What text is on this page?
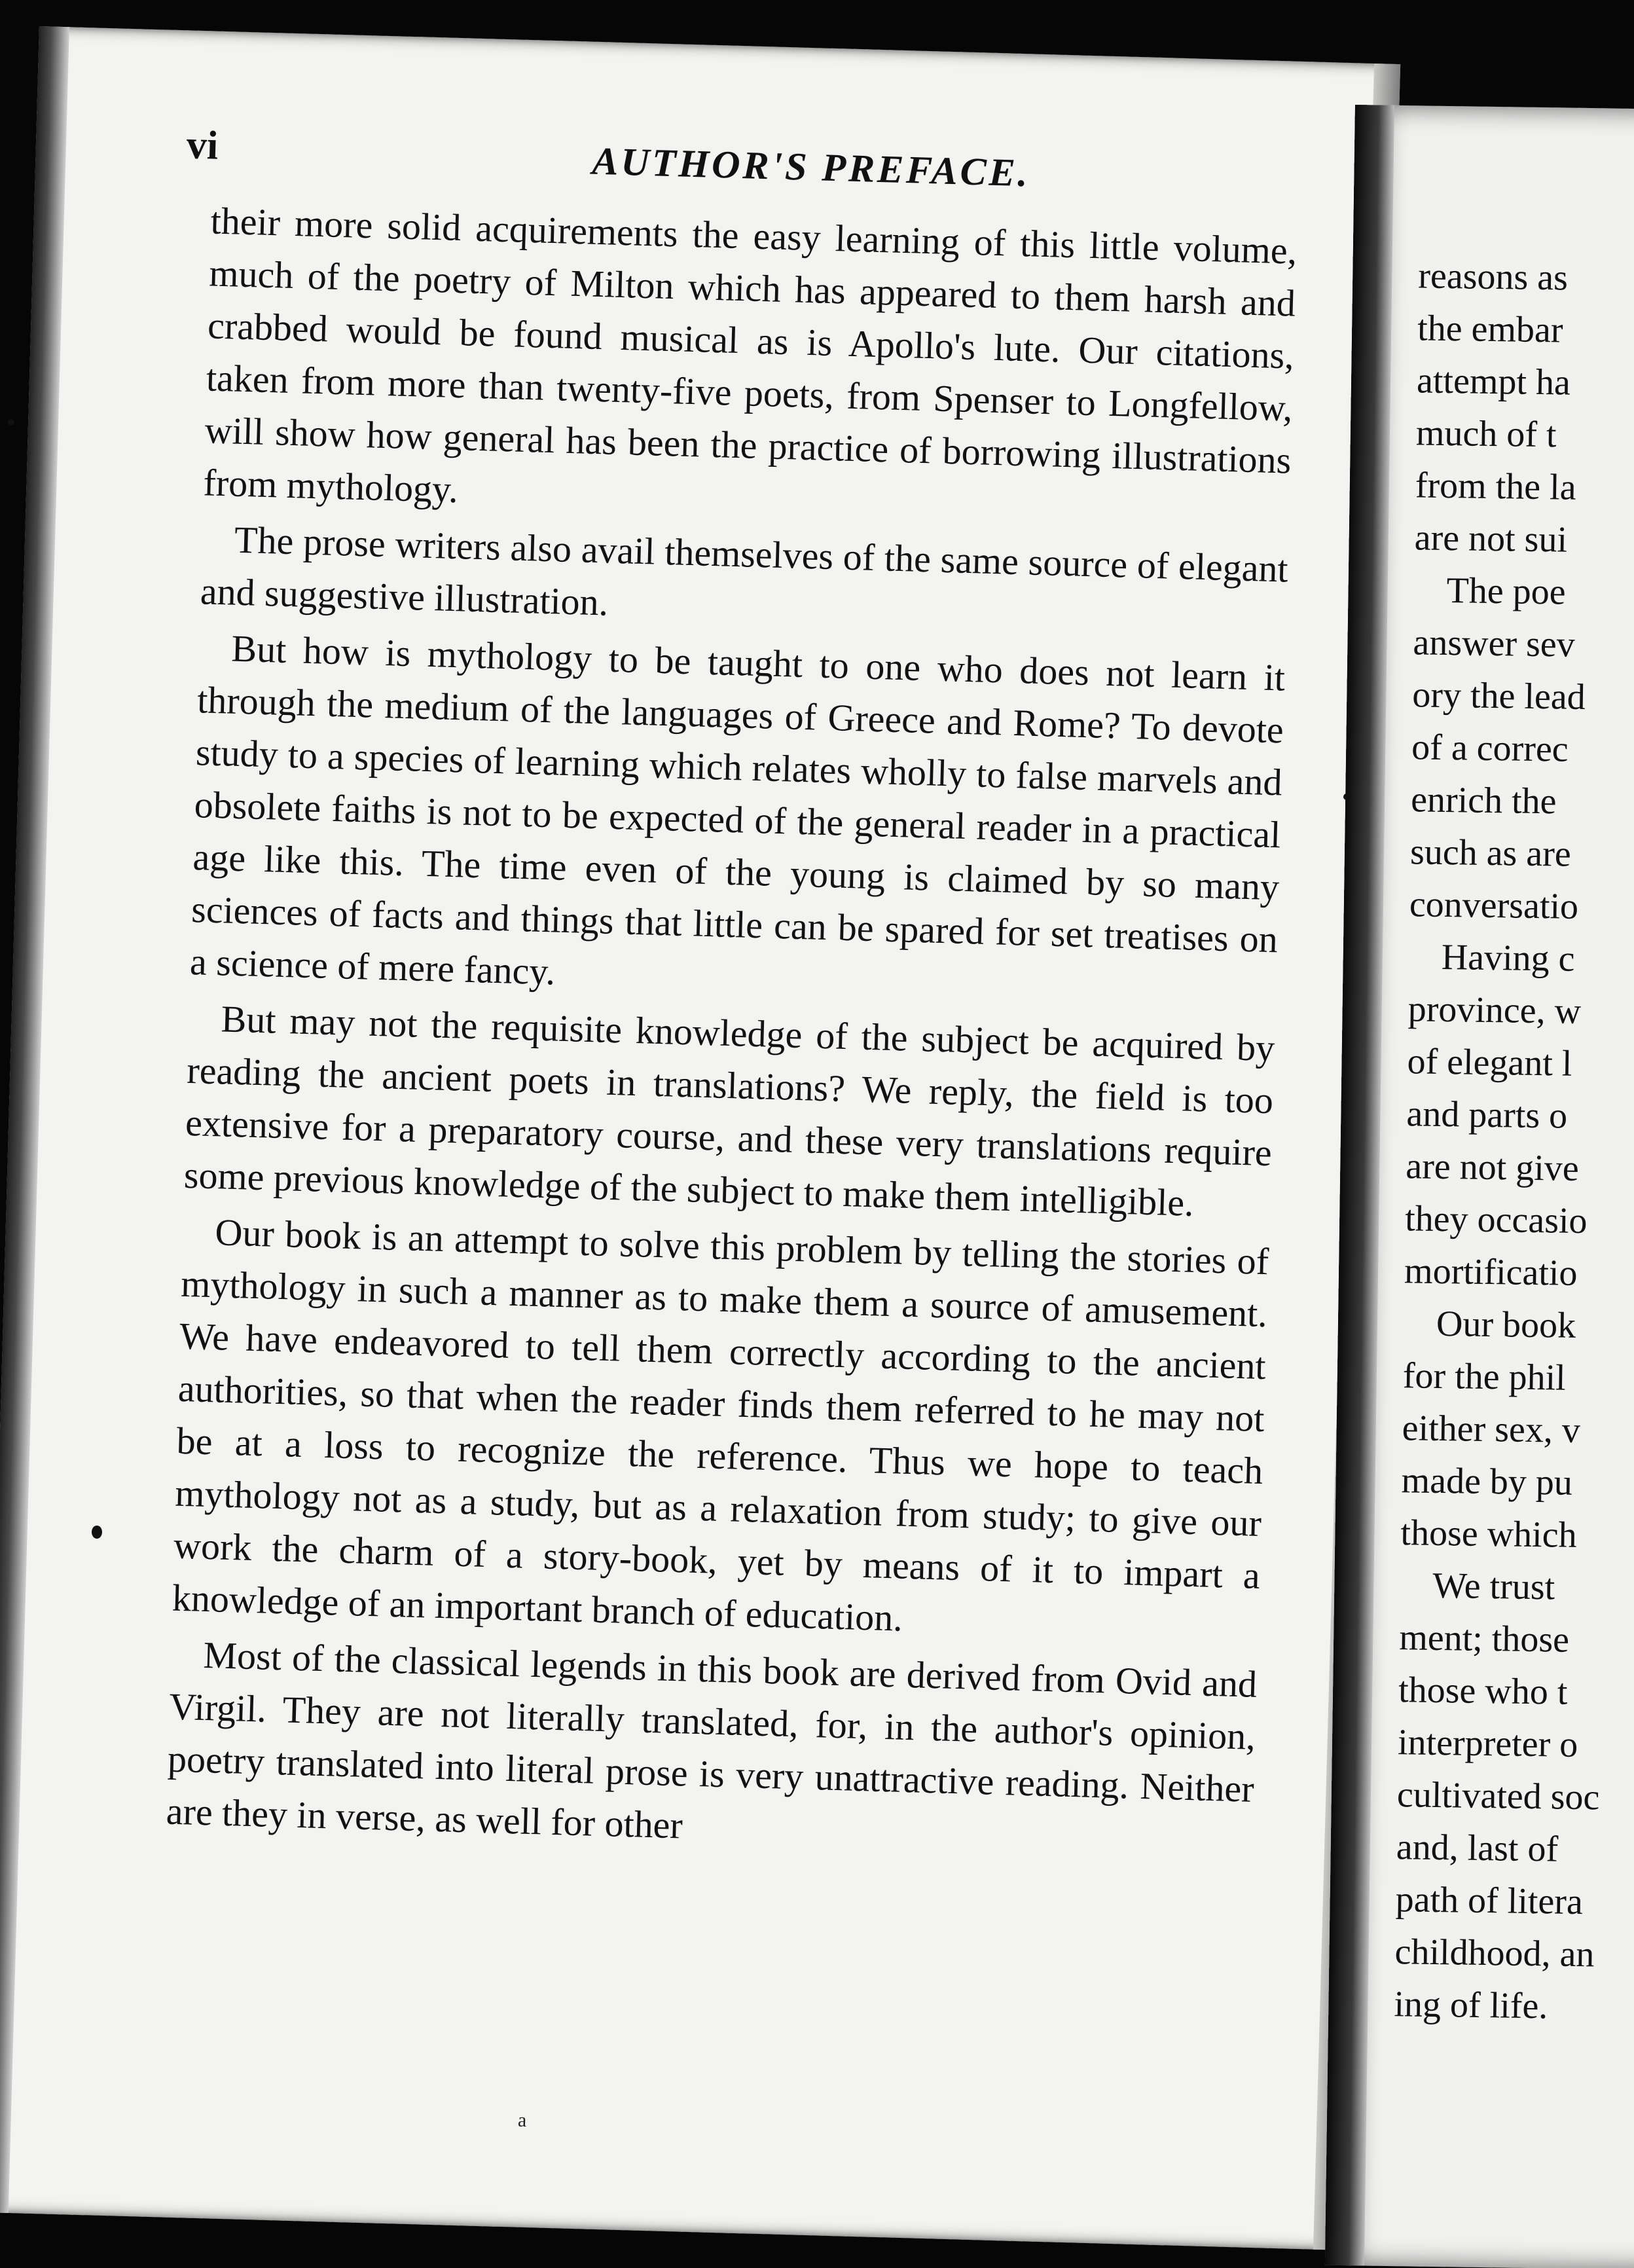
vi	AUTHOR'S PREFACE.

their more solid acquirements the easy learning of this little volume, much of the poetry of Milton which has appeared to them harsh and crabbed would be found musical as is Apollo's lute. Our citations, taken from more than twenty-five poets, from Spenser to Longfellow, will show how general has been the practice of borrowing illustrations from mythology.

The prose writers also avail themselves of the same source of elegant and suggestive illustration.

But how is mythology to be taught to one who does not learn it through the medium of the languages of Greece and Rome? To devote study to a species of learning which relates wholly to false marvels and obsolete faiths is not to be expected of the general reader in a practical age like this. The time even of the young is claimed by so many sciences of facts and things that little can be spared for set treatises on a science of mere fancy.

But may not the requisite knowledge of the subject be acquired by reading the ancient poets in translations? We reply, the field is too extensive for a preparatory course, and these very translations require some previous knowledge of the subject to make them intelligible.

Our book is an attempt to solve this problem by telling the stories of mythology in such a manner as to make them a source of amusement. We have endeavored to tell them correctly according to the ancient authorities, so that when the reader finds them referred to he may not be at a loss to recognize the reference. Thus we hope to teach mythology not as a study, but as a relaxation from study; to give our work the charm of a story-book, yet by means of it to impart a knowledge of an important branch of education.

Most of the classical legends in this book are derived from Ovid and Virgil. They are not literally translated, for, in the author's opinion, poetry translated into literal prose is very unattractive reading. Neither are they in verse, as well for other

a
reasons as
the embar
attempt ha
much of t
from the la
are not sui
The poe
answer sev
ory the lead
of a correc
enrich the
such as are
conversatio
Having c
province, w
of elegant l
and parts o
are not give
they occasio
mortificatio
Our book
for the phil
either sex, v
made by pu
those which
We trust
ment; those
those who t
interpreter o
cultivated soc
and, last of
path of litera
childhood, an
ing of life.
